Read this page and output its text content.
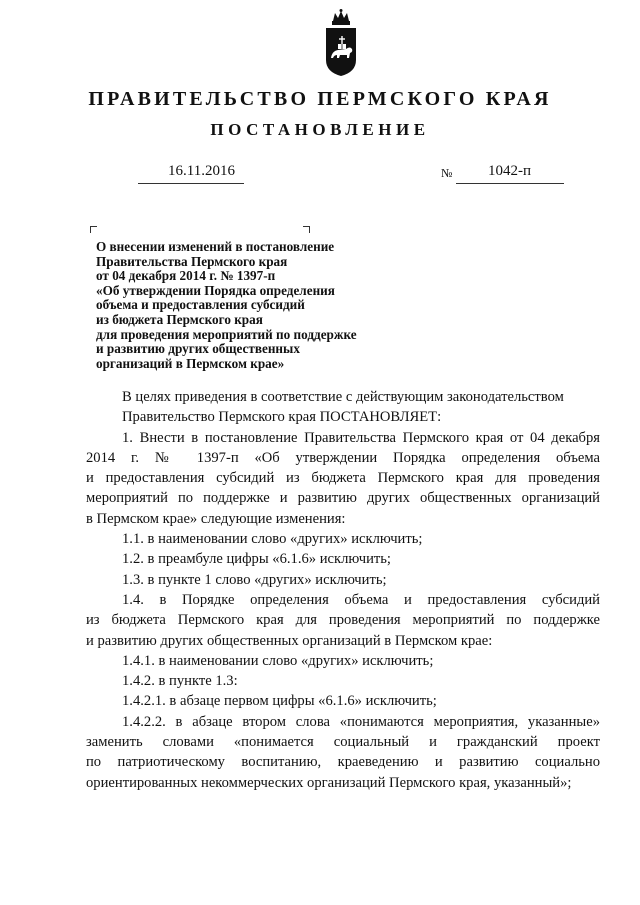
ПРАВИТЕЛЬСТВО ПЕРМСКОГО КРАЯ
ПОСТАНОВЛЕНИЕ
16.11.2016	№ 1042-п
О внесении изменений в постановление
Правительства Пермского края
от 04 декабря 2014 г. № 1397-п
«Об утверждении Порядка определения
объема и предоставления субсидий
из бюджета Пермского края
для проведения мероприятий по поддержке
и развитию других общественных
организаций в Пермском крае»
В целях приведения в соответствие с действующим законодательством
Правительство Пермского края ПОСТАНОВЛЯЕТ:
1. Внести в постановление Правительства Пермского края от 04 декабря
2014 г. № 1397-п «Об утверждении Порядка определения объема
и предоставления субсидий из бюджета Пермского края для проведения
мероприятий по поддержке и развитию других общественных организаций
в Пермском крае» следующие изменения:
1.1. в наименовании слово «других» исключить;
1.2. в преамбуле цифры «6.1.6» исключить;
1.3. в пункте 1 слово «других» исключить;
1.4. в Порядке определения объема и предоставления субсидий
из бюджета Пермского края для проведения мероприятий по поддержке
и развитию других общественных организаций в Пермском крае:
1.4.1. в наименовании слово «других» исключить;
1.4.2. в пункте 1.3:
1.4.2.1. в абзаце первом цифры «6.1.6» исключить;
1.4.2.2. в абзаце втором слова «понимаются мероприятия, указанные»
заменить словами «понимается социальный и гражданский проект
по патриотическому воспитанию, краеведению и развитию социально
ориентированных некоммерческих организаций Пермского края, указанный»;
